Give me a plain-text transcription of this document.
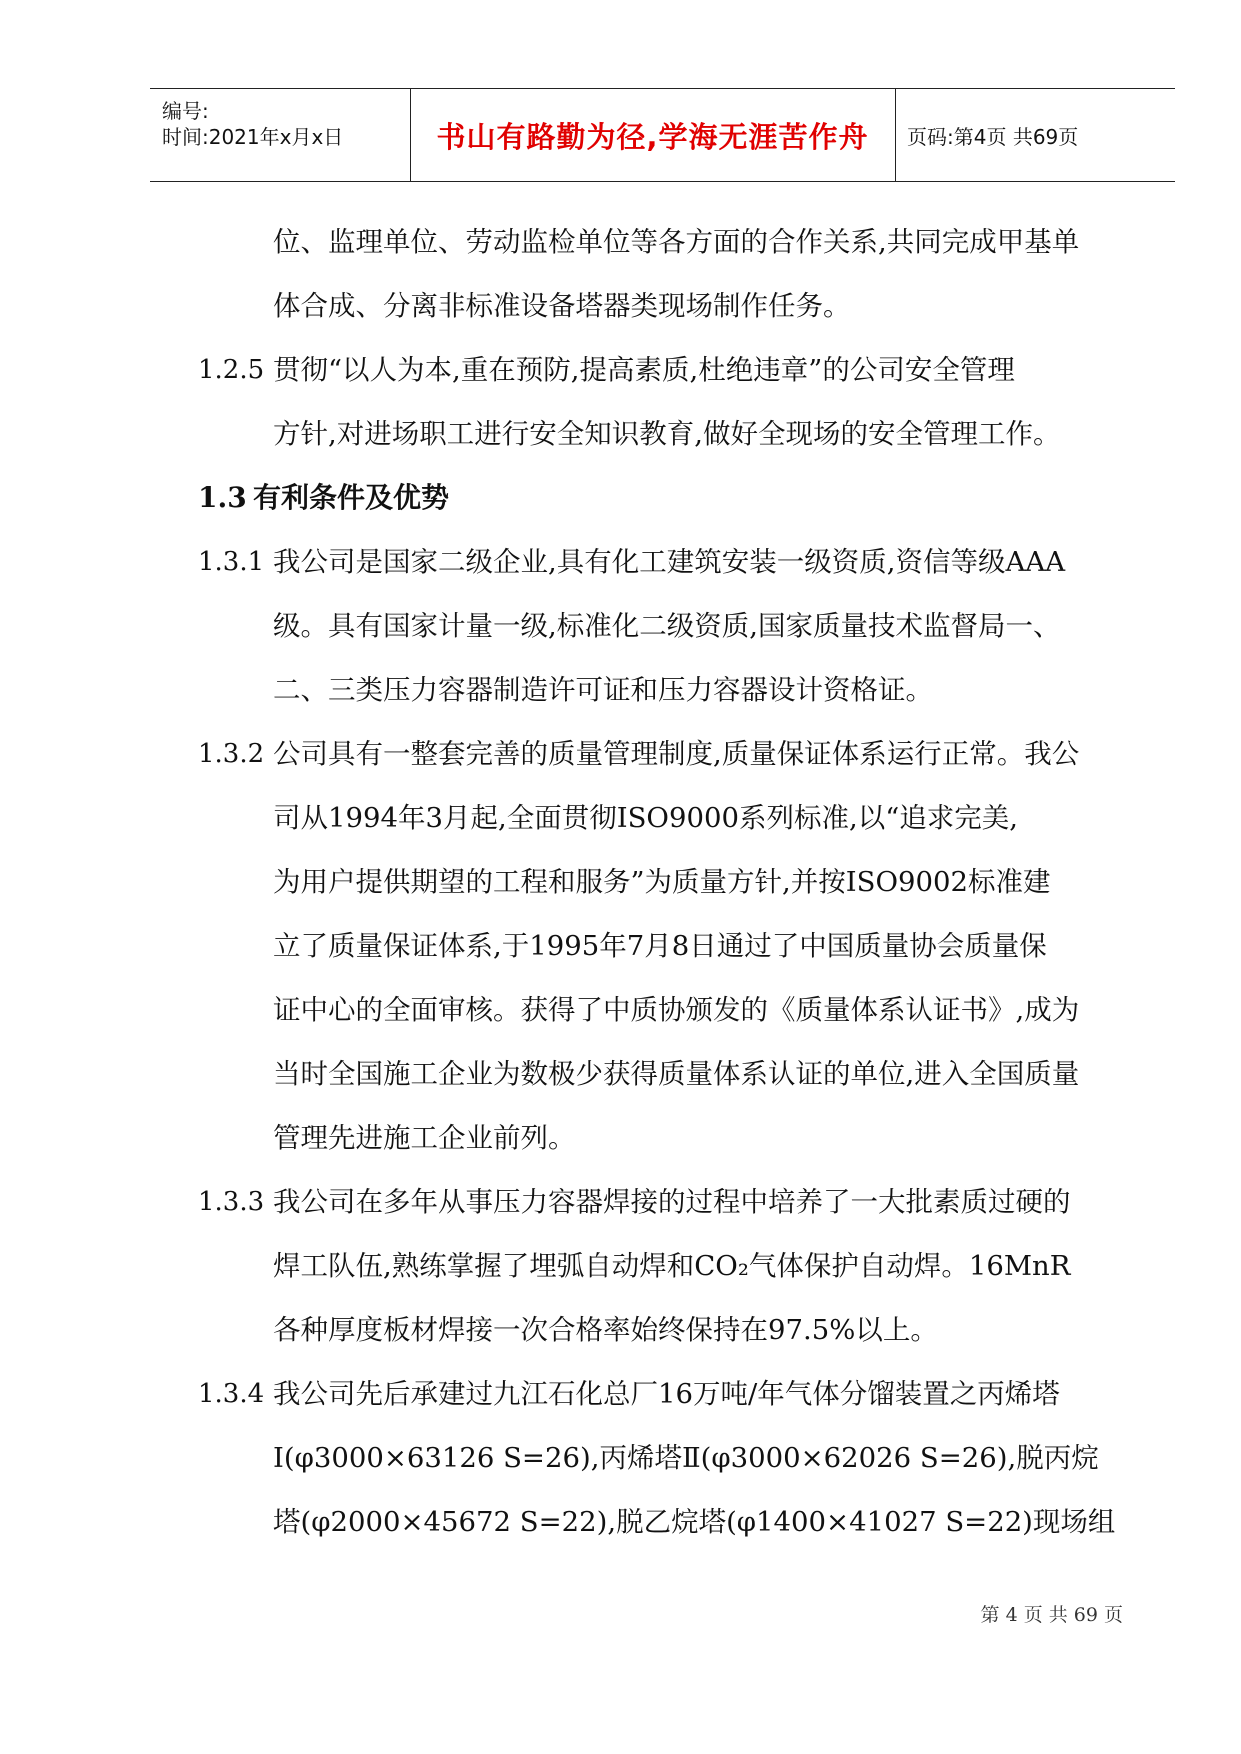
编号:
时间:2021年x月x日	书山有路勤为径,学海无涯苦作舟	页码:第4页 共69页
位、监理单位、劳动监检单位等各方面的合作关系,共同完成甲基单
体合成、分离非标准设备塔器类现场制作任务。
1.2.5 贯彻“以人为本,重在预防,提高素质,杜绝违章”的公司安全管理
方针,对进场职工进行安全知识教育,做好全现场的安全管理工作。
1.3 有利条件及优势
1.3.1 我公司是国家二级企业,具有化工建筑安装一级资质,资信等级AAA
级。具有国家计量一级,标准化二级资质,国家质量技术监督局一、
二、三类压力容器制造许可证和压力容器设计资格证。
1.3.2 公司具有一整套完善的质量管理制度,质量保证体系运行正常。我公
司从1994年3月起,全面贯彻ISO9000系列标准,以“追求完美,
为用户提供期望的工程和服务”为质量方针,并按ISO9002标准建
立了质量保证体系,于1995年7月8日通过了中国质量协会质量保
证中心的全面审核。获得了中质协颁发的《质量体系认证书》,成为
当时全国施工企业为数极少获得质量体系认证的单位,进入全国质量
管理先进施工企业前列。
1.3.3 我公司在多年从事压力容器焊接的过程中培养了一大批素质过硬的
焊工队伍,熟练掌握了埋弧自动焊和CO₂气体保护自动焊。16MnR
各种厚度板材焊接一次合格率始终保持在97.5%以上。
1.3.4 我公司先后承建过九江石化总厂16万吨/年气体分馏装置之丙烯塔
I(φ3000×63126 S=26),丙烯塔Ⅱ(φ3000×62026 S=26),脱丙烷
塔(φ2000×45672 S=22),脱乙烷塔(φ1400×41027 S=22)现场组
第 4 页 共 69 页
